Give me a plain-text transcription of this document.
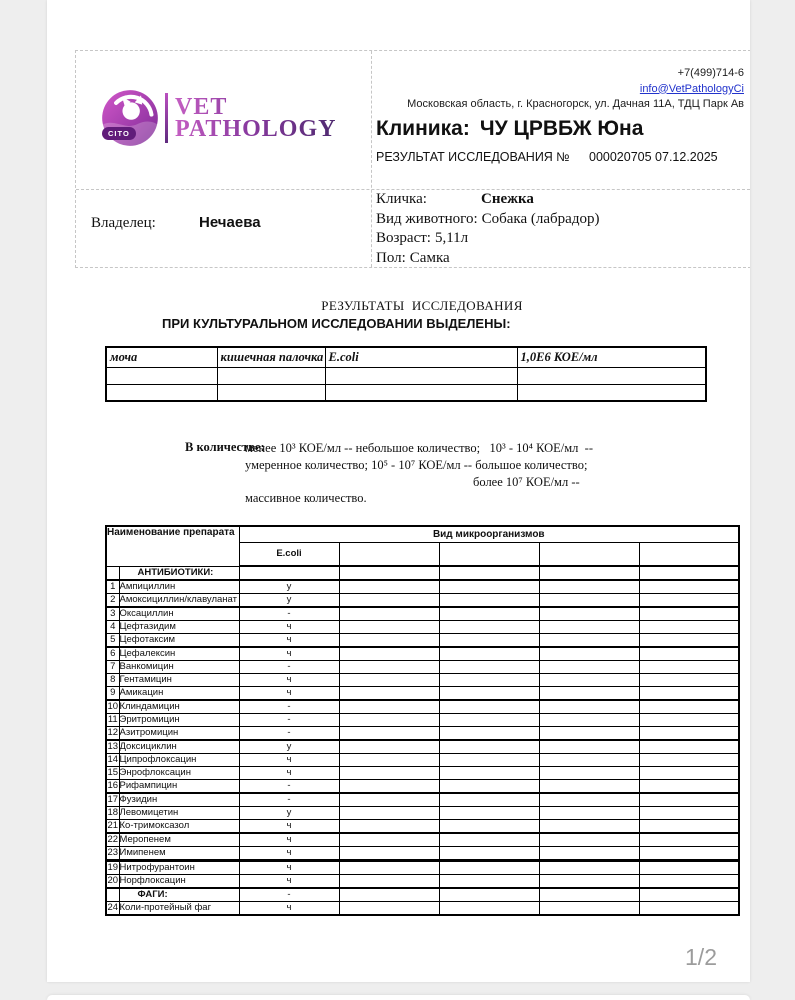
CITO
VET
PATHOLOGY
+7(499)714-6
info@VetPathologyCi
Московская область, г. Красногорск, ул. Дачная 11А, ТДЦ Парк Ав
Клиника: ЧУ ЦРВБЖ Юна
РЕЗУЛЬТАТ ИССЛЕДОВАНИЯ № 000020705 07.12.2025
Владелец:	Нечаева
Кличка:	Снежка
Вид животного: Собака (лабрадор)
Возраст: 5,11л
Пол: Самка
РЕЗУЛЬТАТЫ  ИССЛЕДОВАНИЯ
ПРИ КУЛЬТУРАЛЬНОМ ИССЛЕДОВАНИИ ВЫДЕЛЕНЫ:
моча	кишечная палочка	E.coli	1,0Е6 КОЕ/мл

В количестве:
менее 10³ КОЕ/мл -- небольшое количество;   10³ - 10⁴ КОЕ/мл  --
умеренное количество; 10⁵ - 10⁷ КОЕ/мл -- большое количество;
более 10⁷ КОЕ/мл --
массивное количество.
Наименование препарата		Вид микроорганизмов				
		E.coli				
	АНТИБИОТИКИ:					
1	Ампициллин	у				
2	Амоксициллин/клавуланат	у				
3	Оксациллин	-				
4	Цефтазидим	ч				
5	Цефотаксим	ч				
6	Цефалексин	ч				
7	Ванкомицин	-				
8	Гентамицин	ч				
9	Амикацин	ч				
10	Клиндамицин	-				
11	Эритромицин	-				
12	Азитромицин	-				
13	Доксициклин	у				
14	Ципрофлоксацин	ч				
15	Энрофлоксацин	ч				
16	Рифампицин	-				
17	Фузидин	-				
18	Левомицетин	у				
21	Ко-тримоксазол	ч				
22	Меропенем	ч				
23	Имипенем	ч				
19	Нитрофурантоин	ч				
20	Норфлоксацин	ч				
	ФАГИ:	-				
24	Коли-протейный фаг	ч				
1/2
